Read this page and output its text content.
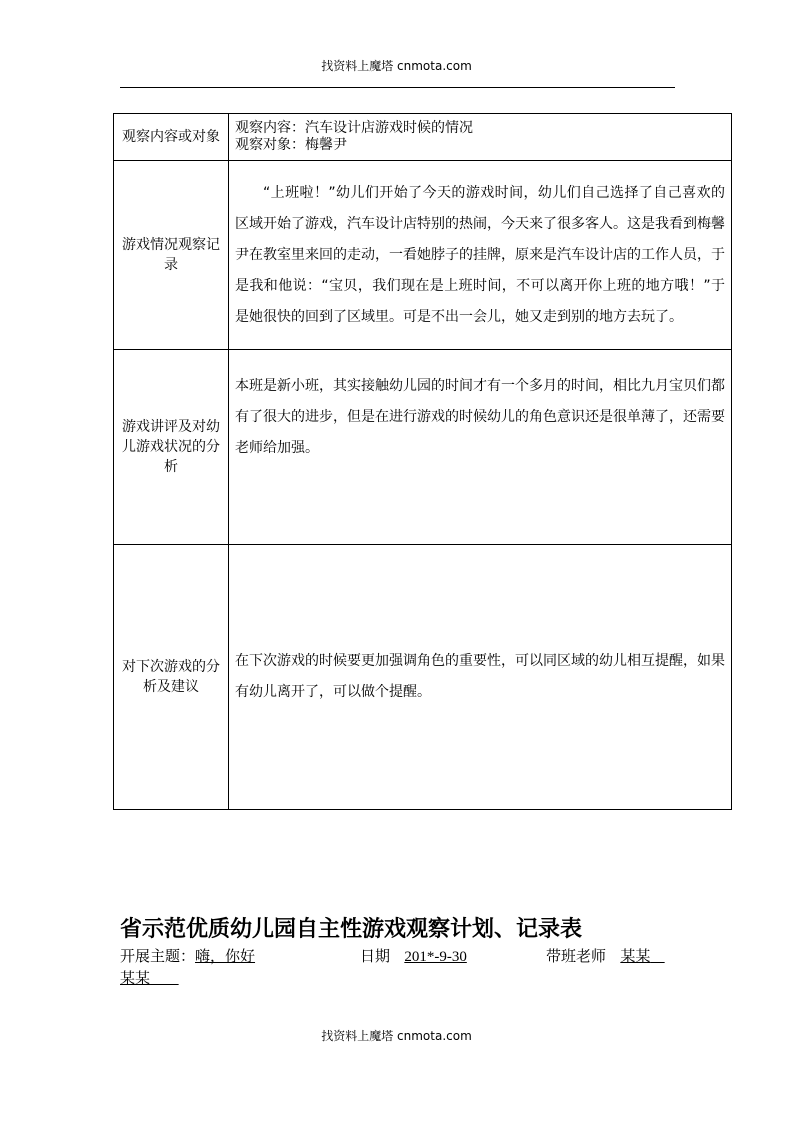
找资料上魔塔 cnmota.com
观察内容或对象	观察内容：汽车设计店游戏时候的情况
观察对象：梅馨尹

游戏情况观察记录	“上班啦！”幼儿们开始了今天的游戏时间，幼儿们自己选择了自己喜欢的区域开始了游戏，汽车设计店特别的热闹，今天来了很多客人。这是我看到梅馨尹在教室里来回的走动，一看她脖子的挂牌，原来是汽车设计店的工作人员，于是我和他说：“宝贝，我们现在是上班时间，不可以离开你上班的地方哦！”于是她很快的回到了区域里。可是不出一会儿，她又走到别的地方去玩了。

游戏讲评及对幼儿游戏状况的分析	本班是新小班，其实接触幼儿园的时间才有一个多月的时间，相比九月宝贝们都有了很大的进步，但是在进行游戏的时候幼儿的角色意识还是很单薄了，还需要老师给加强。

对下次游戏的分析及建议	在下次游戏的时候要更加强调角色的重要性，可以同区域的幼儿相互提醒，如果有幼儿离开了，可以做个提醒。
省示范优质幼儿园自主性游戏观察计划、记录表
开展主题：嗨，你好	日期 201*-9-30	带班老师 某某
某某
找资料上魔塔 cnmota.com
